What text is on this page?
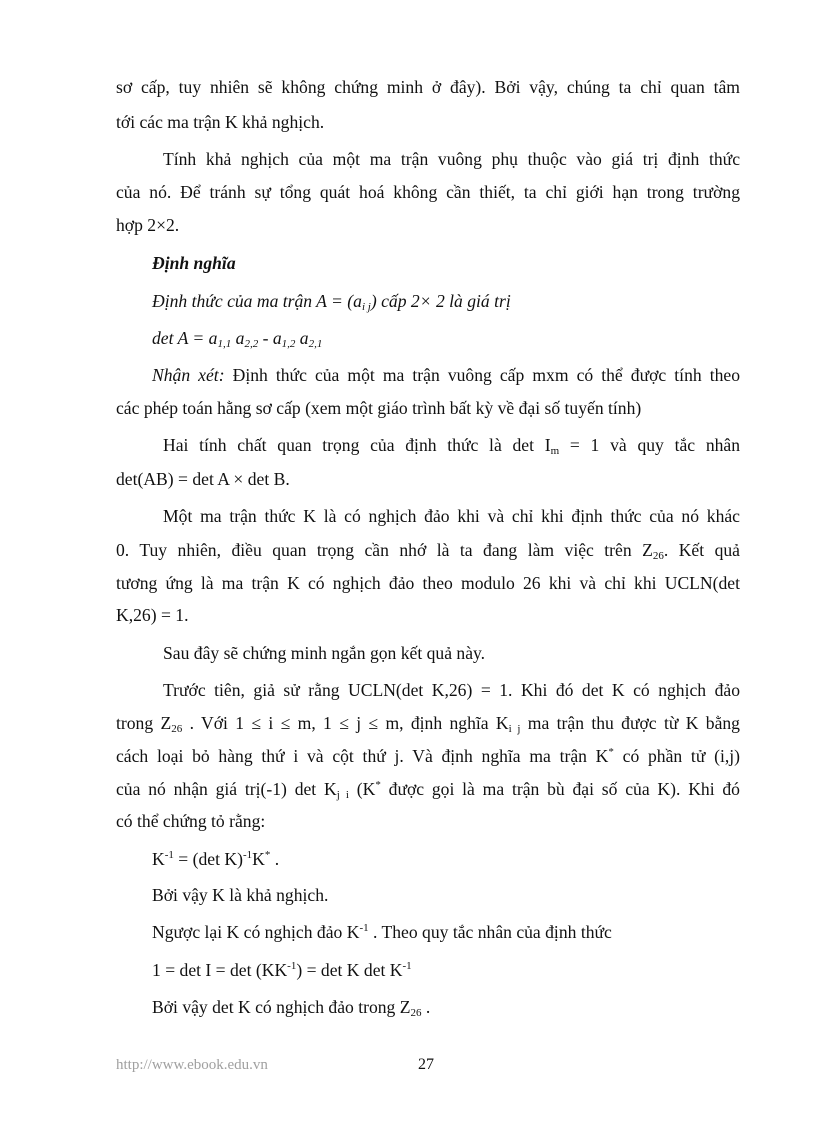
sơ cấp, tuy nhiên sẽ không chứng minh ở đây). Bởi vậy, chúng ta chỉ quan tâm
tới các ma trận K khả nghịch.
Tính khả nghịch của một ma trận vuông phụ thuộc vào giá trị định thức
của nó. Để tránh sự tổng quát hoá không cần thiết, ta chỉ giới hạn trong trường
hợp 2×2.
Định nghĩa
Định thức của ma trận $A = (a_{i j})$ cấp 2× 2 là giá trị
$\det A = a_{1,1}$ $a_{2,2} - a_{1,2}$ $a_{2,1}$
Nhận xét: Định thức của một ma trận vuông cấp mxm có thể được tính theo
các phép toán hằng sơ cấp (xem một giáo trình bất kỳ về đại số tuyến tính)
Hai tính chất quan trọng của định thức là $\det I_m = 1$ và quy tắc nhân
det(AB) = det A × det B.
Một ma trận thức K là có nghịch đảo khi và chỉ khi định thức của nó khác
0. Tuy nhiên, điều quan trọng cần nhớ là ta đang làm việc trên $Z_{26}$. Kết quả
tương ứng là ma trận K có nghịch đảo theo modulo 26 khi và chỉ khi UCLN(det
K,26) = 1.
Sau đây sẽ chứng minh ngắn gọn kết quả này.
Trước tiên, giả sử rằng UCLN(det K,26) = 1. Khi đó det K có nghịch đảo
trong $Z_{26}$ . Với 1 ≤ i ≤ m, 1 ≤ j ≤ m, định nghĩa $K_{i j}$ ma trận thu được từ K bằng
cách loại bỏ hàng thứ i và cột thứ j. Và định nghĩa ma trận K* có phần tử (i,j)
của nó nhận giá trị(-1) $\det K_{j i}$ (K* được gọi là ma trận bù đại số của K). Khi đó
có thể chứng tỏ rằng:
$K^{-1} = (\det$ K)$^{-1}$K* .
Bởi vậy K là khả nghịch.
Ngược lại K có nghịch đảo $K^{-1}$ . Theo quy tắc nhân của định thức
$1 = \det I = \det (KK^{-1}) = \det K$ $\det K^{-1}$
Bởi vậy det K có nghịch đảo trong $Z_{26}$ .
http://www.ebook.edu.vn	27
